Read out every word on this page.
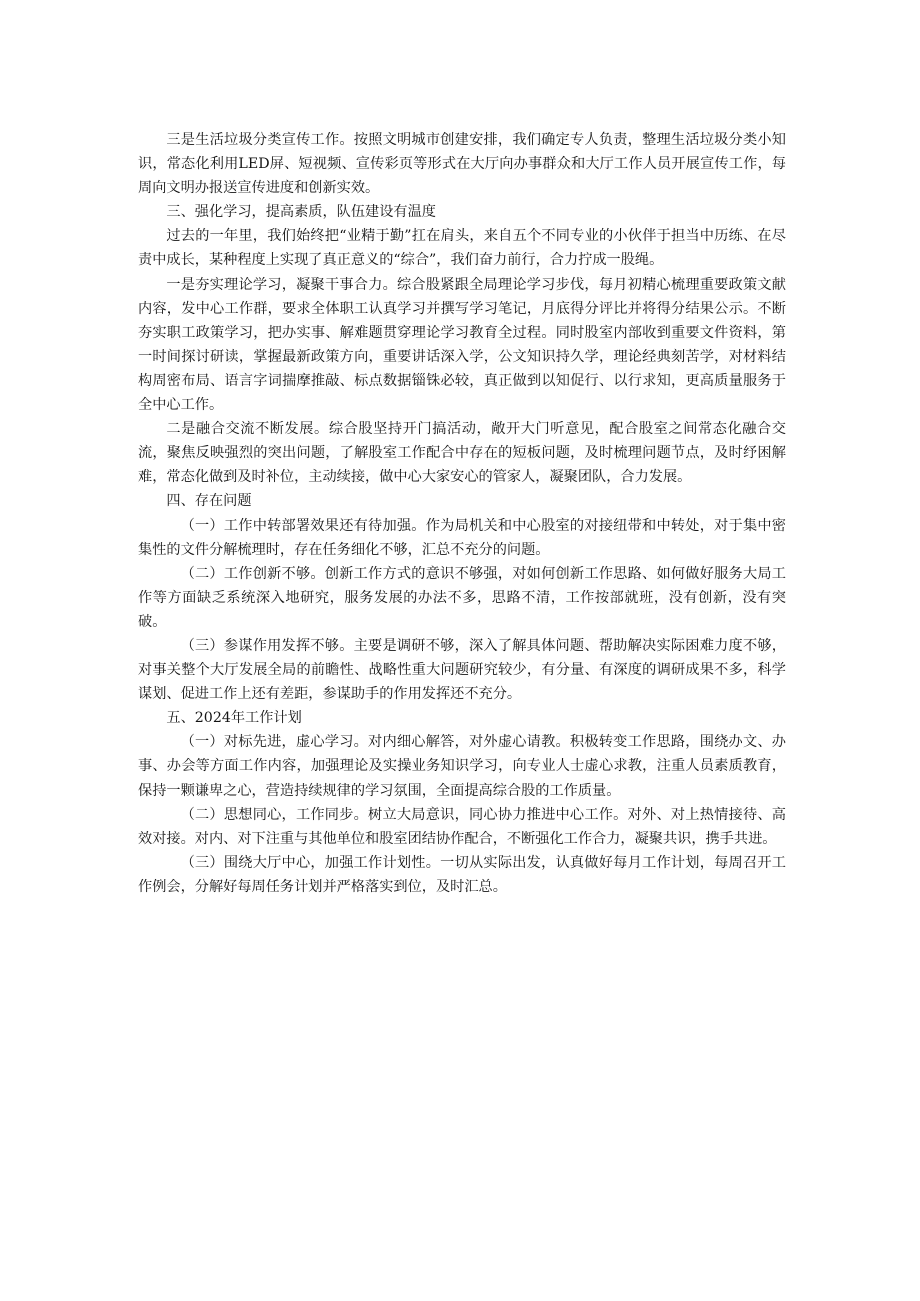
三是生活垃圾分类宣传工作。按照文明城市创建安排，我们确定专人负责，整理生活垃圾分类小知识，常态化利用LED屏、短视频、宣传彩页等形式在大厅向办事群众和大厅工作人员开展宣传工作，每周向文明办报送宣传进度和创新实效。

三、强化学习，提高素质，队伍建设有温度

过去的一年里，我们始终把“业精于勤”扛在肩头，来自五个不同专业的小伙伴于担当中历练、在尽责中成长，某种程度上实现了真正意义的“综合”，我们奋力前行，合力拧成一股绳。

一是夯实理论学习，凝聚干事合力。综合股紧跟全局理论学习步伐，每月初精心梳理重要政策文献内容，发中心工作群，要求全体职工认真学习并撰写学习笔记，月底得分评比并将得分结果公示。不断夯实职工政策学习，把办实事、解难题贯穿理论学习教育全过程。同时股室内部收到重要文件资料，第一时间探讨研读，掌握最新政策方向，重要讲话深入学，公文知识持久学，理论经典刻苦学，对材料结构周密布局、语言字词揣摩推敲、标点数据锱铢必较，真正做到以知促行、以行求知，更高质量服务于全中心工作。

二是融合交流不断发展。综合股坚持开门搞活动，敞开大门听意见，配合股室之间常态化融合交流，聚焦反映强烈的突出问题，了解股室工作配合中存在的短板问题，及时梳理问题节点，及时纾困解难，常态化做到及时补位，主动续接，做中心大家安心的管家人，凝聚团队，合力发展。

四、存在问题

（一）工作中转部署效果还有待加强。作为局机关和中心股室的对接纽带和中转处，对于集中密集性的文件分解梳理时，存在任务细化不够，汇总不充分的问题。

（二）工作创新不够。创新工作方式的意识不够强，对如何创新工作思路、如何做好服务大局工作等方面缺乏系统深入地研究，服务发展的办法不多，思路不清，工作按部就班，没有创新，没有突破。

（三）参谋作用发挥不够。主要是调研不够，深入了解具体问题、帮助解决实际困难力度不够，对事关整个大厅发展全局的前瞻性、战略性重大问题研究较少，有分量、有深度的调研成果不多，科学谋划、促进工作上还有差距，参谋助手的作用发挥还不充分。

五、2024年工作计划

（一）对标先进，虚心学习。对内细心解答，对外虚心请教。积极转变工作思路，围绕办文、办事、办会等方面工作内容，加强理论及实操业务知识学习，向专业人士虚心求教，注重人员素质教育，保持一颗谦卑之心，营造持续规律的学习氛围，全面提高综合股的工作质量。

（二）思想同心，工作同步。树立大局意识，同心协力推进中心工作。对外、对上热情接待、高效对接。对内、对下注重与其他单位和股室团结协作配合，不断强化工作合力，凝聚共识，携手共进。

（三）围绕大厅中心，加强工作计划性。一切从实际出发，认真做好每月工作计划，每周召开工作例会，分解好每周任务计划并严格落实到位，及时汇总。
